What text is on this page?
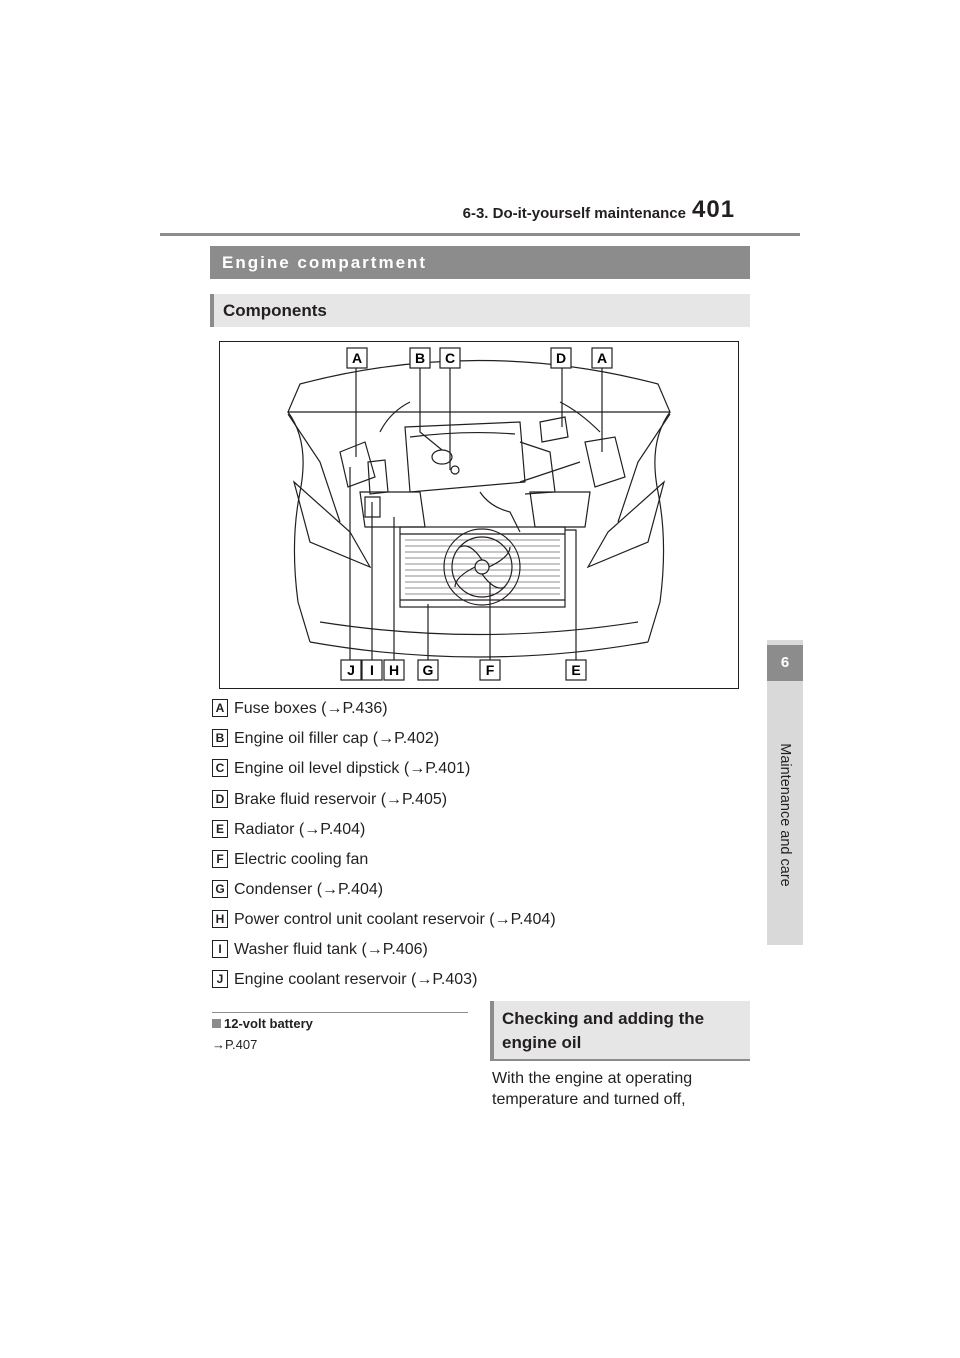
6-3. Do-it-yourself maintenance 401
6
Maintenance and care
Engine compartment
Components
A	B C	D A
J I H G	F	E
A Fuse boxes (→P.436)
B Engine oil filler cap (→P.402)
C Engine oil level dipstick (→P.401)
D Brake fluid reservoir (→P.405)
E Radiator (→P.404)
F Electric cooling fan
G Condenser (→P.404)
H Power control unit coolant reservoir (→P.404)
I Washer fluid tank (→P.406)
J Engine coolant reservoir (→P.403)
12-volt battery
→P.407
Checking and adding the engine oil
With the engine at operating temperature and turned off,
